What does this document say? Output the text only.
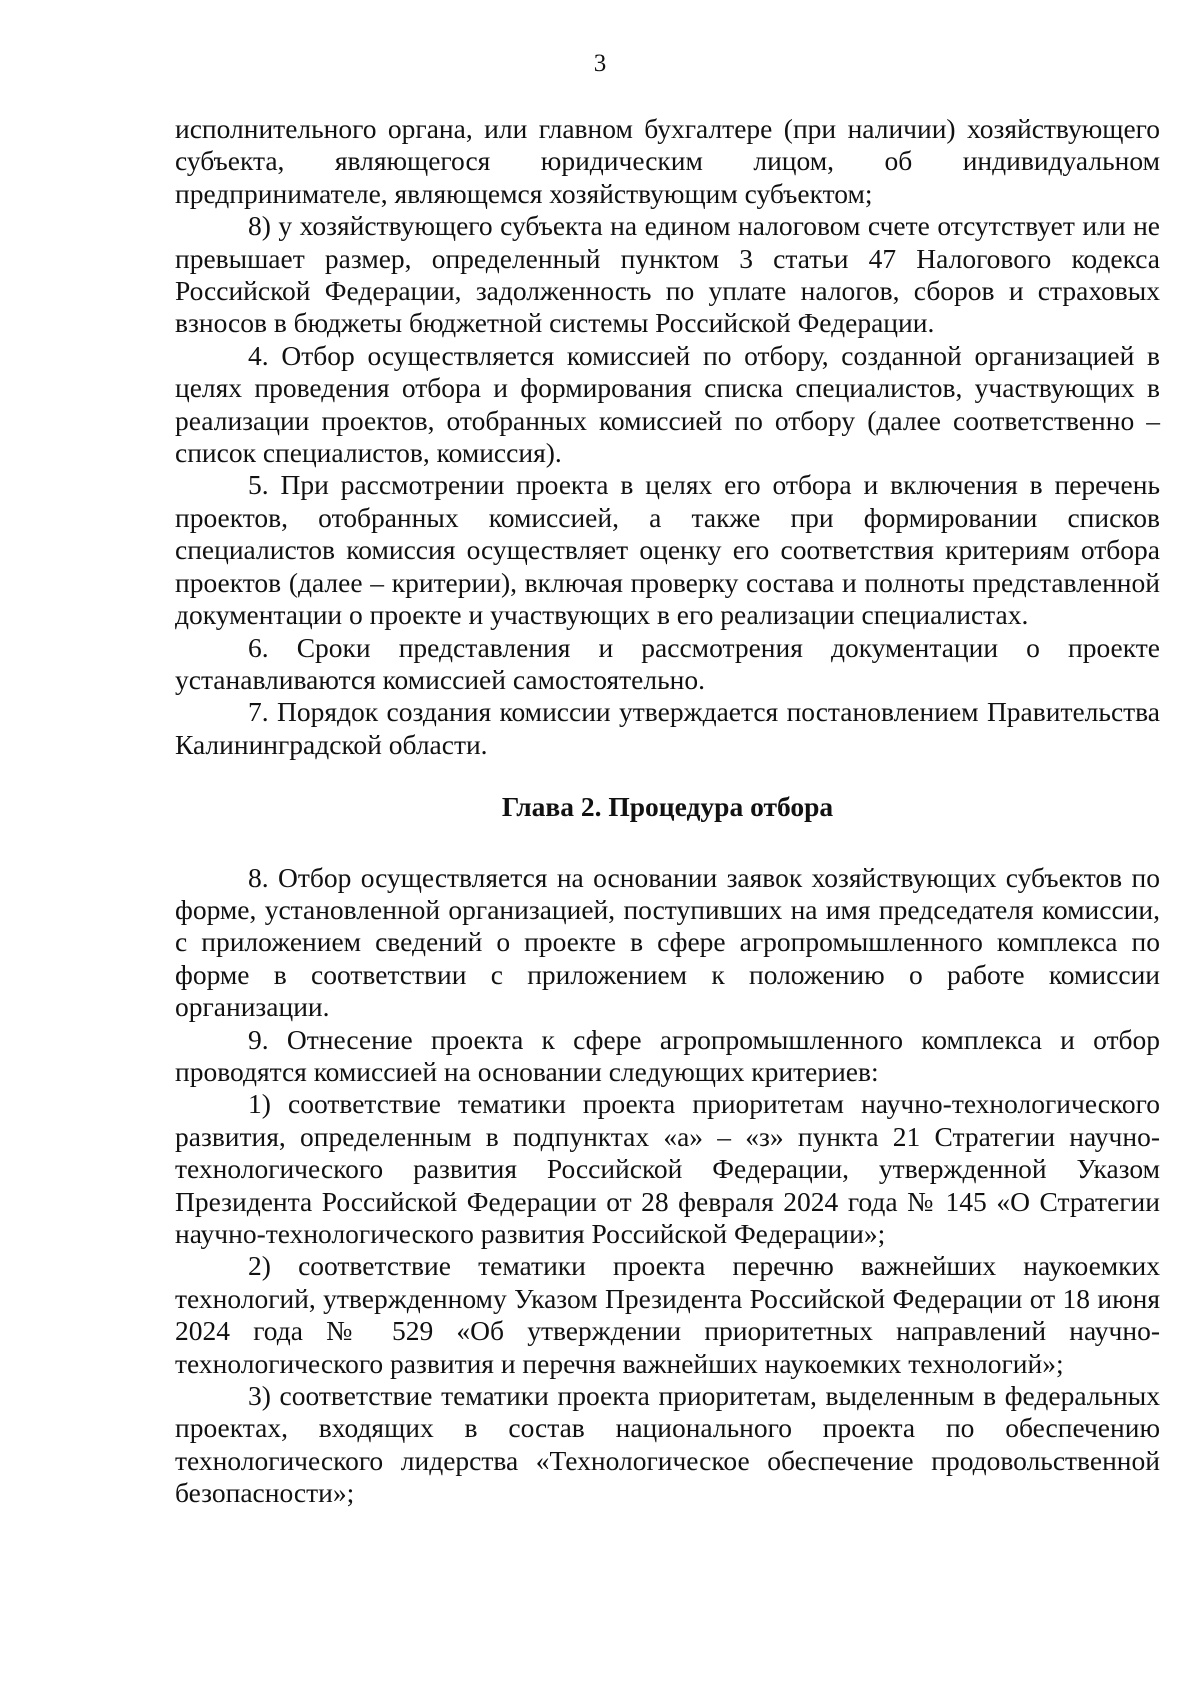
3

исполнительного органа, или главном бухгалтере (при наличии) хозяйствующего субъекта, являющегося юридическим лицом, об индивидуальном предпринимателе, являющемся хозяйствующим субъектом;

8) у хозяйствующего субъекта на едином налоговом счете отсутствует или не превышает размер, определенный пунктом 3 статьи 47 Налогового кодекса Российской Федерации, задолженность по уплате налогов, сборов и страховых взносов в бюджеты бюджетной системы Российской Федерации.

4. Отбор осуществляется комиссией по отбору, созданной организацией в целях проведения отбора и формирования списка специалистов, участвующих в реализации проектов, отобранных комиссией по отбору (далее соответственно – список специалистов, комиссия).

5. При рассмотрении проекта в целях его отбора и включения в перечень проектов, отобранных комиссией, а также при формировании списков специалистов комиссия осуществляет оценку его соответствия критериям отбора проектов (далее – критерии), включая проверку состава и полноты представленной документации о проекте и участвующих в его реализации специалистах.

6. Сроки представления и рассмотрения документации о проекте устанавливаются комиссией самостоятельно.

7. Порядок создания комиссии утверждается постановлением Правительства Калининградской области.

Глава 2. Процедура отбора

8. Отбор осуществляется на основании заявок хозяйствующих субъектов по форме, установленной организацией, поступивших на имя председателя комиссии, с приложением сведений о проекте в сфере агропромышленного комплекса по форме в соответствии с приложением к положению о работе комиссии организации.

9. Отнесение проекта к сфере агропромышленного комплекса и отбор проводятся комиссией на основании следующих критериев:

1) соответствие тематики проекта приоритетам научно-технологического развития, определенным в подпунктах «а» – «з» пункта 21 Стратегии научно-технологического развития Российской Федерации, утвержденной Указом Президента Российской Федерации от 28 февраля 2024 года № 145 «О Стратегии научно-технологического развития Российской Федерации»;

2) соответствие тематики проекта перечню важнейших наукоемких технологий, утвержденному Указом Президента Российской Федерации от 18 июня 2024 года № 529 «Об утверждении приоритетных направлений научно-технологического развития и перечня важнейших наукоемких технологий»;

3) соответствие тематики проекта приоритетам, выделенным в федеральных проектах, входящих в состав национального проекта по обеспечению технологического лидерства «Технологическое обеспечение продовольственной безопасности»;
